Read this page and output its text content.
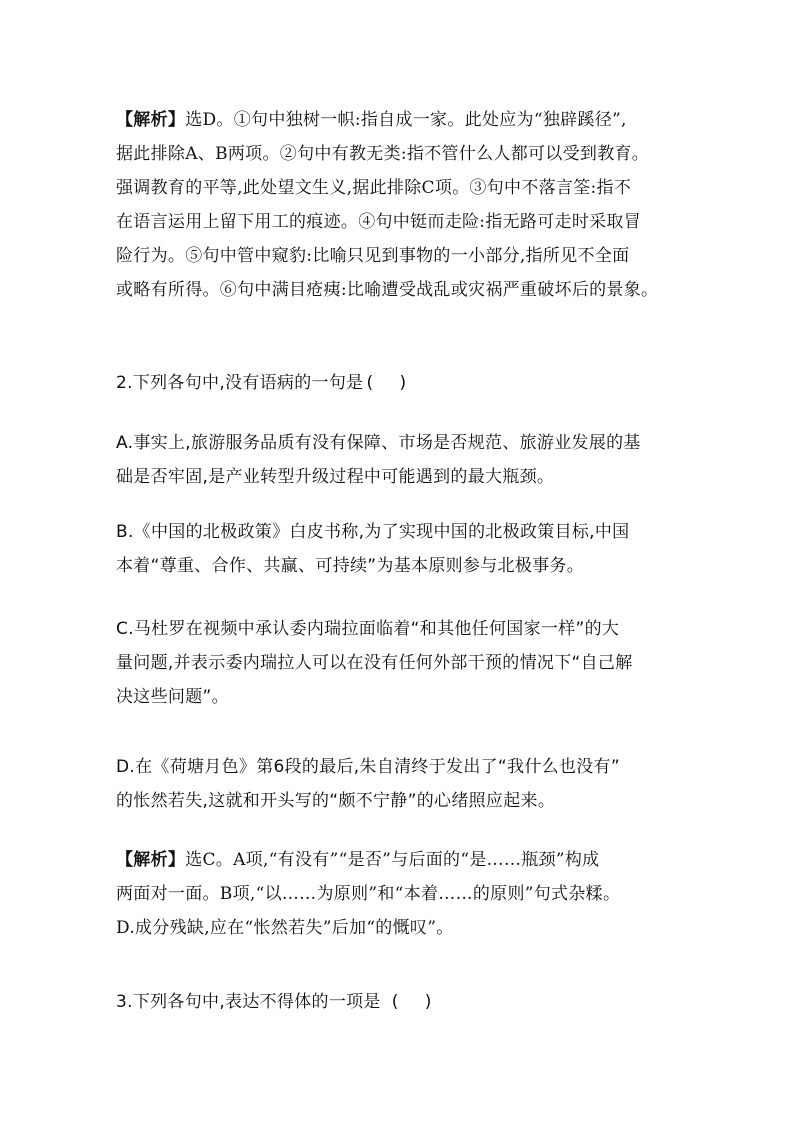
【解析】选D。①句中独树一帜:指自成一家。此处应为“独辟蹊径”,
据此排除A、B两项。②句中有教无类:指不管什么人都可以受到教育。
强调教育的平等,此处望文生义,据此排除C项。③句中不落言筌:指不
在语言运用上留下用工的痕迹。④句中铤而走险:指无路可走时采取冒
险行为。⑤句中管中窥豹:比喻只见到事物的一小部分,指所见不全面
或略有所得。⑥句中满目疮痍:比喻遭受战乱或灾祸严重破坏后的景象。
2.下列各句中,没有语病的一句是 ( )
A.事实上,旅游服务品质有没有保障、市场是否规范、旅游业发展的基
础是否牢固,是产业转型升级过程中可能遇到的最大瓶颈。
B.《中国的北极政策》白皮书称,为了实现中国的北极政策目标,中国
本着“尊重、合作、共赢、可持续”为基本原则参与北极事务。
C.马杜罗在视频中承认委内瑞拉面临着“和其他任何国家一样”的大
量问题,并表示委内瑞拉人可以在没有任何外部干预的情况下“自己解
决这些问题”。
D.在《荷塘月色》第6段的最后,朱自清终于发出了“我什么也没有”
的怅然若失,这就和开头写的“颇不宁静”的心绪照应起来。
【解析】选C。A项,“有没有”“是否”与后面的“是……瓶颈”构成
两面对一面。B项,“以……为原则”和“本着……的原则”句式杂糅。
D.成分残缺,应在“怅然若失”后加“的慨叹”。
3.下列各句中,表达不得体的一项是 ( )
